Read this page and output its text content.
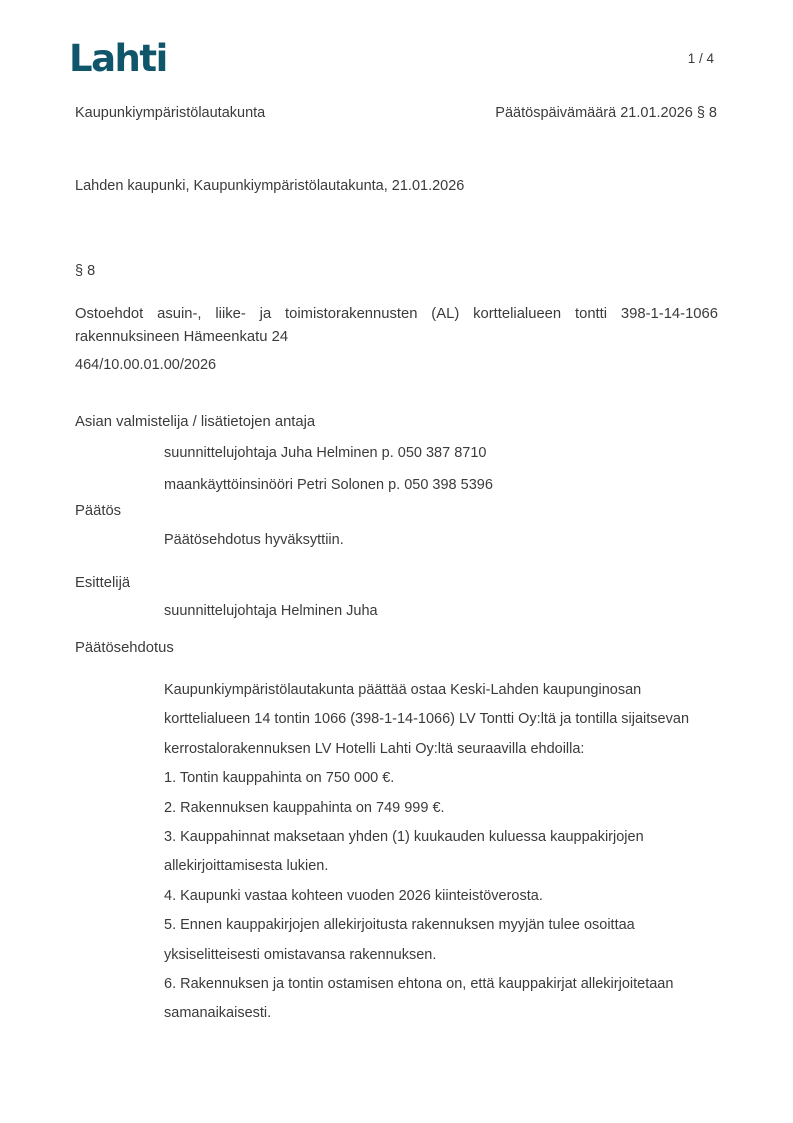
Lahti	1 / 4
Kaupunkiympäristölautakunta	Päätöspäivämäärä 21.01.2026 § 8
Lahden kaupunki, Kaupunkiympäristölautakunta, 21.01.2026
§ 8
Ostoehdot asuin-, liike- ja toimistorakennusten (AL) korttelialueen tontti 398-1-14-1066 rakennuksineen Hämeenkatu 24
464/10.00.01.00/2026
Asian valmistelija / lisätietojen antaja
suunnittelujohtaja Juha Helminen p. 050 387 8710
maankäyttöinsinööri Petri Solonen p. 050 398 5396
Päätös
Päätösehdotus hyväksyttiin.
Esittelijä
suunnittelujohtaja Helminen Juha
Päätösehdotus

Kaupunkiympäristölautakunta päättää ostaa Keski-Lahden kaupunginosan korttelialueen 14 tontin 1066 (398-1-14-1066) LV Tontti Oy:ltä ja tontilla sijaitsevan kerrostalorakennuksen LV Hotelli Lahti Oy:ltä seuraavilla ehdoilla:

1. Tontin kauppahinta on 750 000 €.

2. Rakennuksen kauppahinta on 749 999 €.

3. Kauppahinnat maksetaan yhden (1) kuukauden kuluessa kauppakirjojen allekirjoittamisesta lukien.

4. Kaupunki vastaa kohteen vuoden 2026 kiinteistöverosta.

5. Ennen kauppakirjojen allekirjoitusta rakennuksen myyjän tulee osoittaa yksiselitteisesti omistavansa rakennuksen.

6. Rakennuksen ja tontin ostamisen ehtona on, että kauppakirjat allekirjoitetaan samanaikaisesti.
